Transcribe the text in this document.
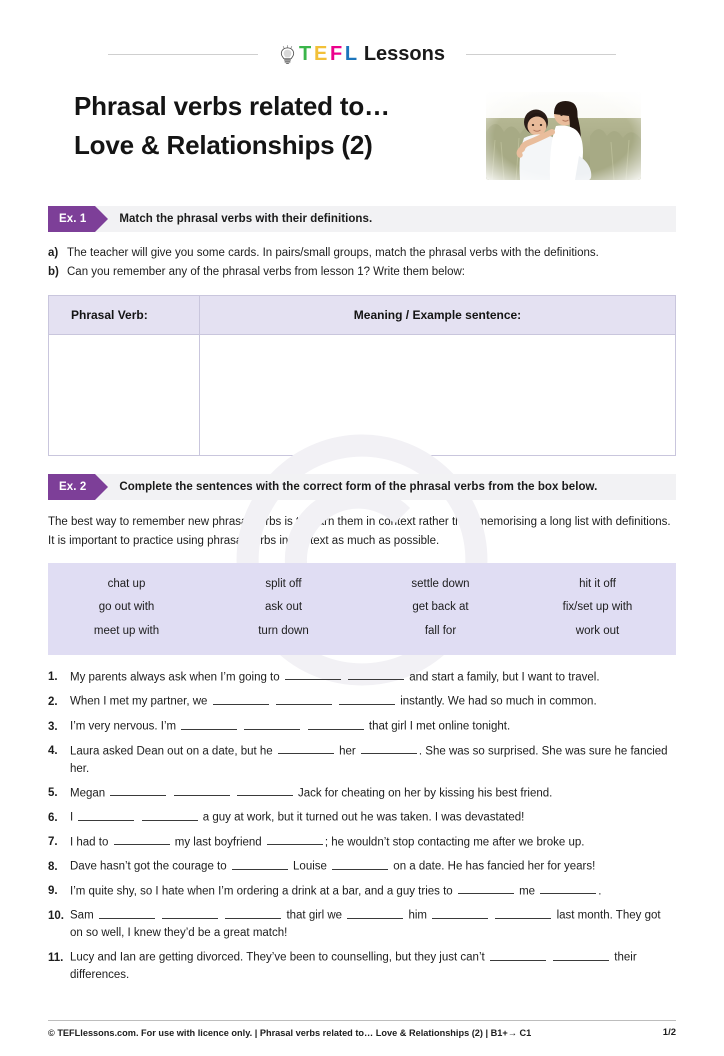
T E F L Lessons
Phrasal verbs related to…
Love & Relationships (2)
Ex. 1	Match the phrasal verbs with their definitions.
a) The teacher will give you some cards. In pairs/small groups, match the phrasal verbs with the definitions.
b) Can you remember any of the phrasal verbs from lesson 1? Write them below:
Phrasal Verb:	Meaning / Example sentence:

Ex. 2	Complete the sentences with the correct form of the phrasal verbs from the box below.
The best way to remember new phrasal verbs is to learn them in context rather than memorising a long list with definitions. It is important to practice using phrasal verbs in context as much as possible.
chat up	split off	settle down	hit it off
go out with	ask out	get back at	fix/set up with
meet up with	turn down	fall for	work out
1.	My parents always ask when I’m going to	and start a family, but I want to travel.
2.	When I met my partner, we	instantly. We had so much in common.
3.	I’m very nervous. I’m	that girl I met online tonight.
4.	Laura asked Dean out on a date, but he	her	. She was so surprised. She was sure he fancied her.
5.	Megan	Jack for cheating on her by kissing his best friend.
6.	I	a guy at work, but it turned out he was taken. I was devastated!
7.	I had to	my last boyfriend	; he wouldn’t stop contacting me after we broke up.
8.	Dave hasn’t got the courage to	Louise	on a date. He has fancied her for years!
9.	I’m quite shy, so I hate when I’m ordering a drink at a bar, and a guy tries to	me	.
10. Sam	that girl we	him	last month. They got on so well, I knew they’d be a great match!
11. Lucy and Ian are getting divorced. They’ve been to counselling, but they just can’t	their differences.
© TEFLlessons.com. For use with licence only. | Phrasal verbs related to… Love & Relationships (2) | B1+→ C1	1/2
